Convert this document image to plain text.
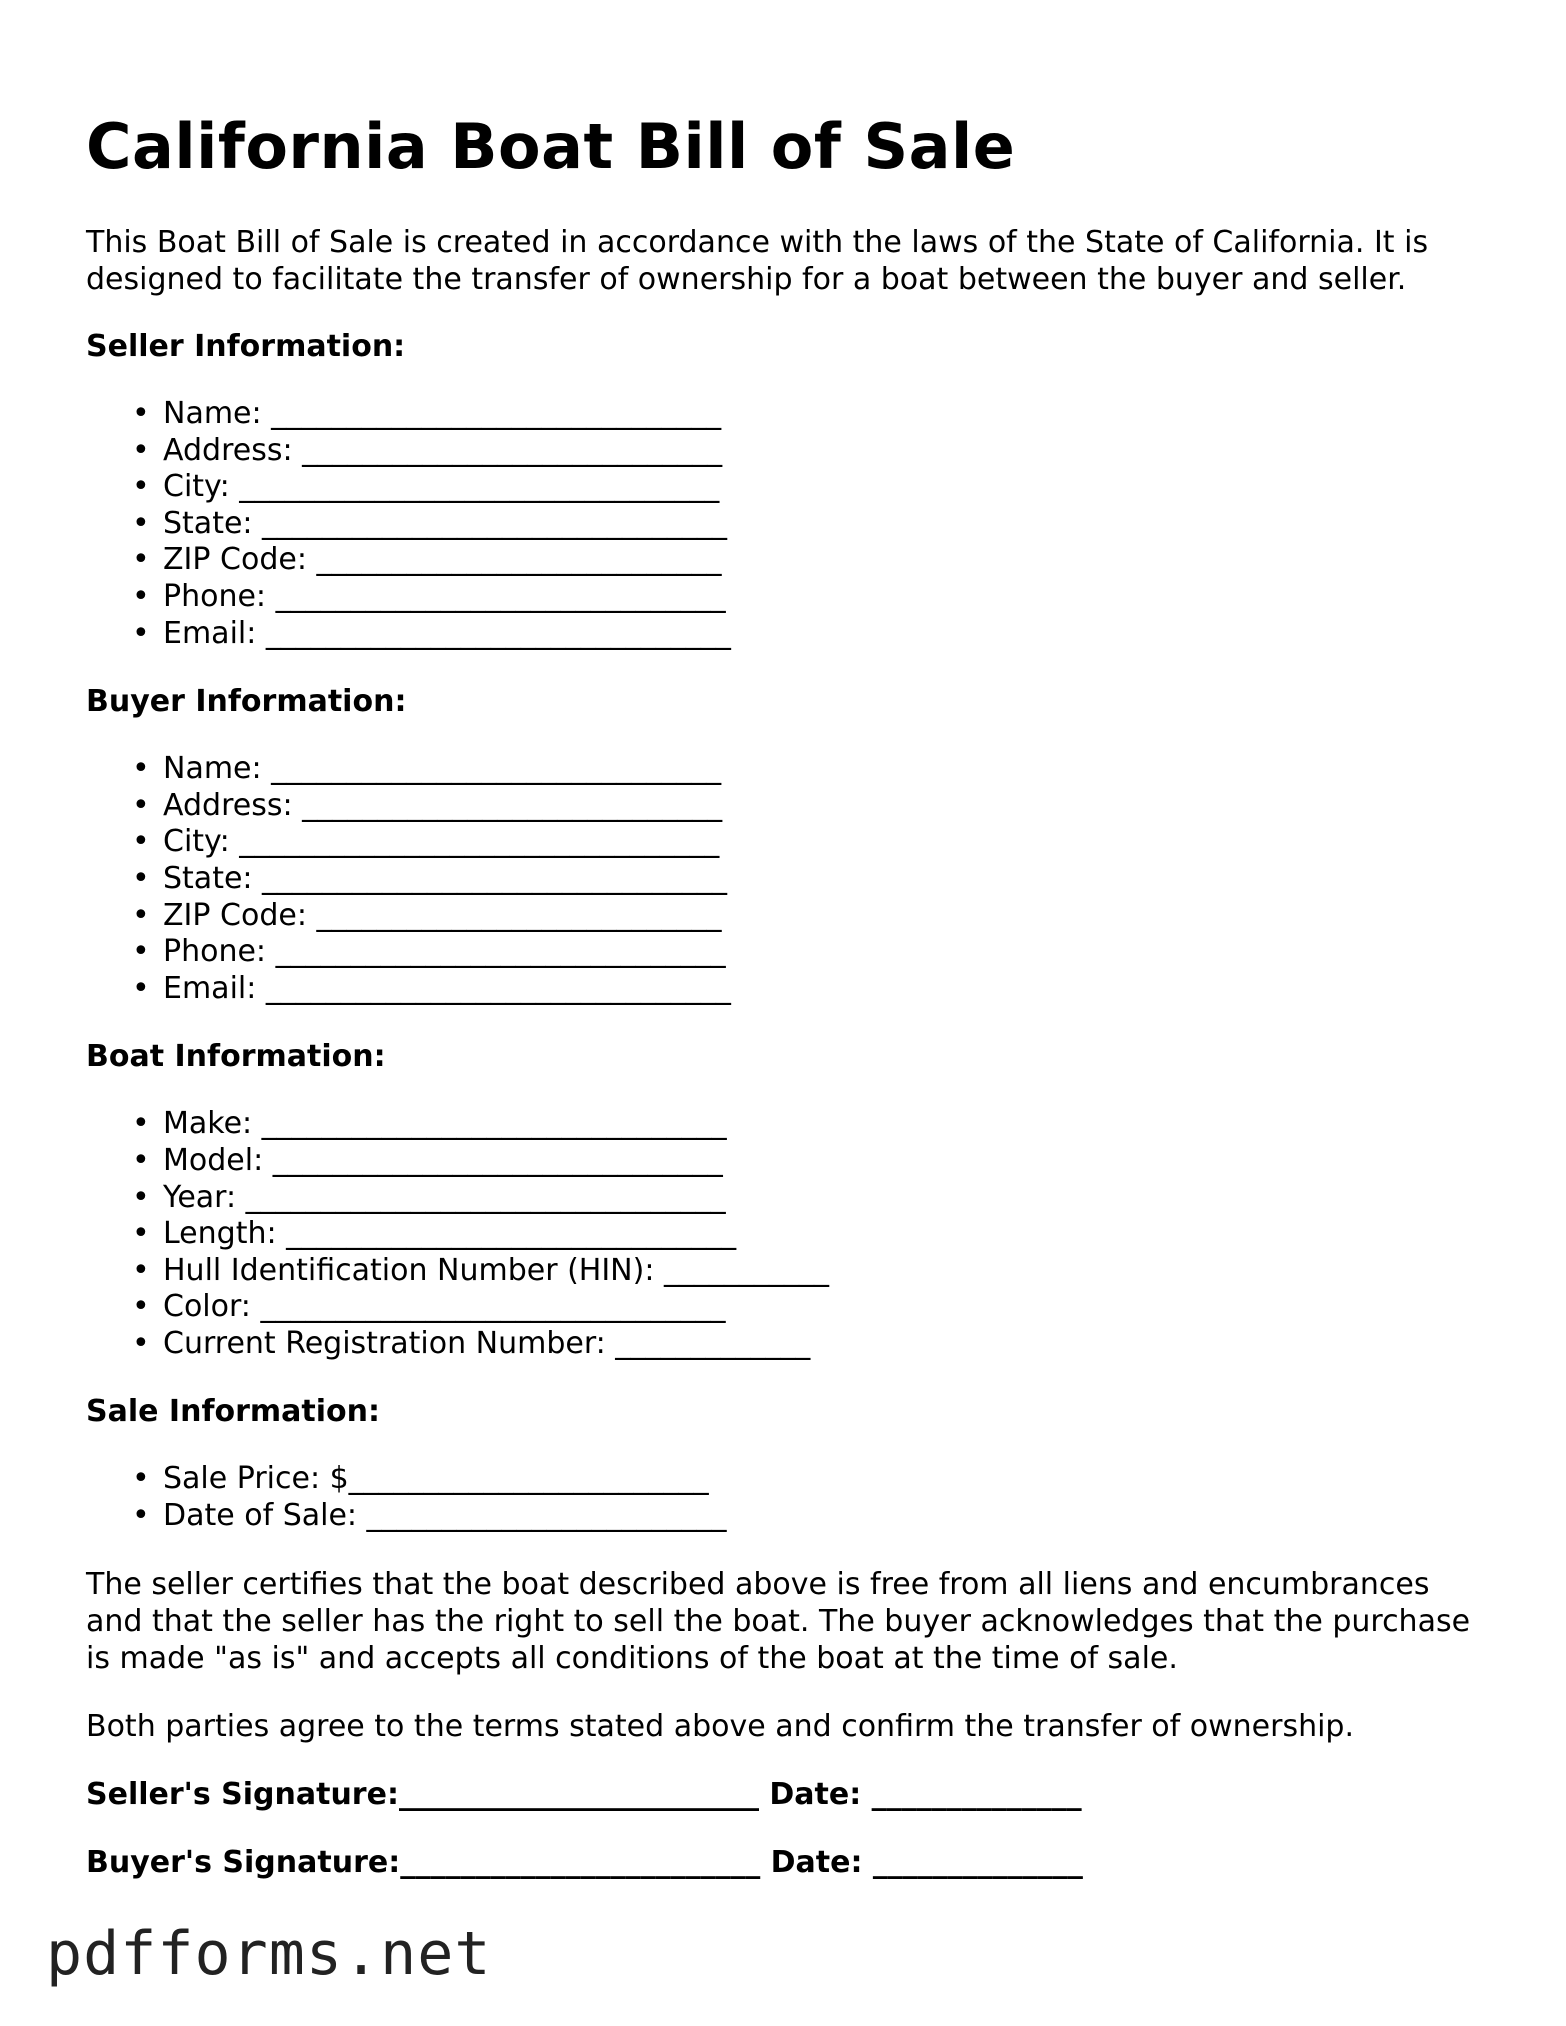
California Boat Bill of Sale

This Boat Bill of Sale is created in accordance with the laws of the State of California. It is designed to facilitate the transfer of ownership for a boat between the buyer and seller.

Seller Information:
• Name: ______________________________
• Address: ____________________________
• City: ________________________________
• State: _______________________________
• ZIP Code: ___________________________
• Phone: ______________________________
• Email: _______________________________
Buyer Information:
• Name: ______________________________
• Address: ____________________________
• City: ________________________________
• State: _______________________________
• ZIP Code: ___________________________
• Phone: ______________________________
• Email: _______________________________
Boat Information:
• Make: _______________________________
• Model: ______________________________
• Year: ________________________________
• Length: ______________________________
• Hull Identification Number (HIN): ___________
• Color: _______________________________
• Current Registration Number: _____________
Sale Information:
• Sale Price: $________________________
• Date of Sale: ________________________

The seller certifies that the boat described above is free from all liens and encumbrances and that the seller has the right to sell the boat. The buyer acknowledges that the purchase is made "as is" and accepts all conditions of the boat at the time of sale.

Both parties agree to the terms stated above and confirm the transfer of ownership.

Seller's Signature:________________________ Date: ______________
Buyer's Signature:________________________ Date: ______________
pdfforms.net
